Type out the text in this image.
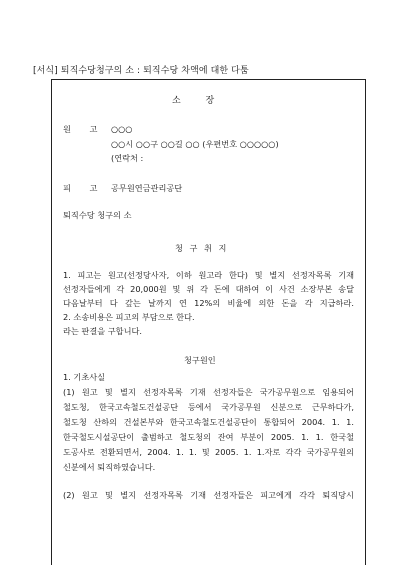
[서식] 퇴직수당청구의 소 : 퇴직수당 차액에 대한 다툼
소 장
원 고 ○○○
○○시 ○○구 ○○길 ○○ (우편번호 ○○○○○)
(연락처 :
피 고 공무원연금관리공단
퇴직수당 청구의 소
청 구 취 지
1. 피고는 원고(선정당사자, 이하 원고라 한다) 및 별지 선정자목록 기재
선정자들에게 각 20,000원 및 위 각 돈에 대하여 이 사건 소장부본 송달
다음날부터 다 갚는 날까지 연 12%의 비율에 의한 돈을 각 지급하라.
2. 소송비용은 피고의 부담으로 한다.
라는 판결을 구합니다.
청구원인
1. 기초사실
(1) 원고 및 별지 선정자목록 기재 선정자들은 국가공무원으로 임용되어
철도청, 한국고속철도건설공단 등에서 국가공무원 신분으로 근무하다가,
철도청 산하의 건설본부와 한국고속철도건설공단이 통합되어 2004. 1. 1.
한국철도시설공단이 출범하고 철도청의 잔여 부분이 2005. 1. 1. 한국철
도공사로 전환되면서, 2004. 1. 1. 및 2005. 1. 1.자로 각각 국가공무원의
신분에서 퇴직하였습니다.
(2) 원고 및 별지 선정자목록 기재 선정자들은 피고에게 각각 퇴직당시
